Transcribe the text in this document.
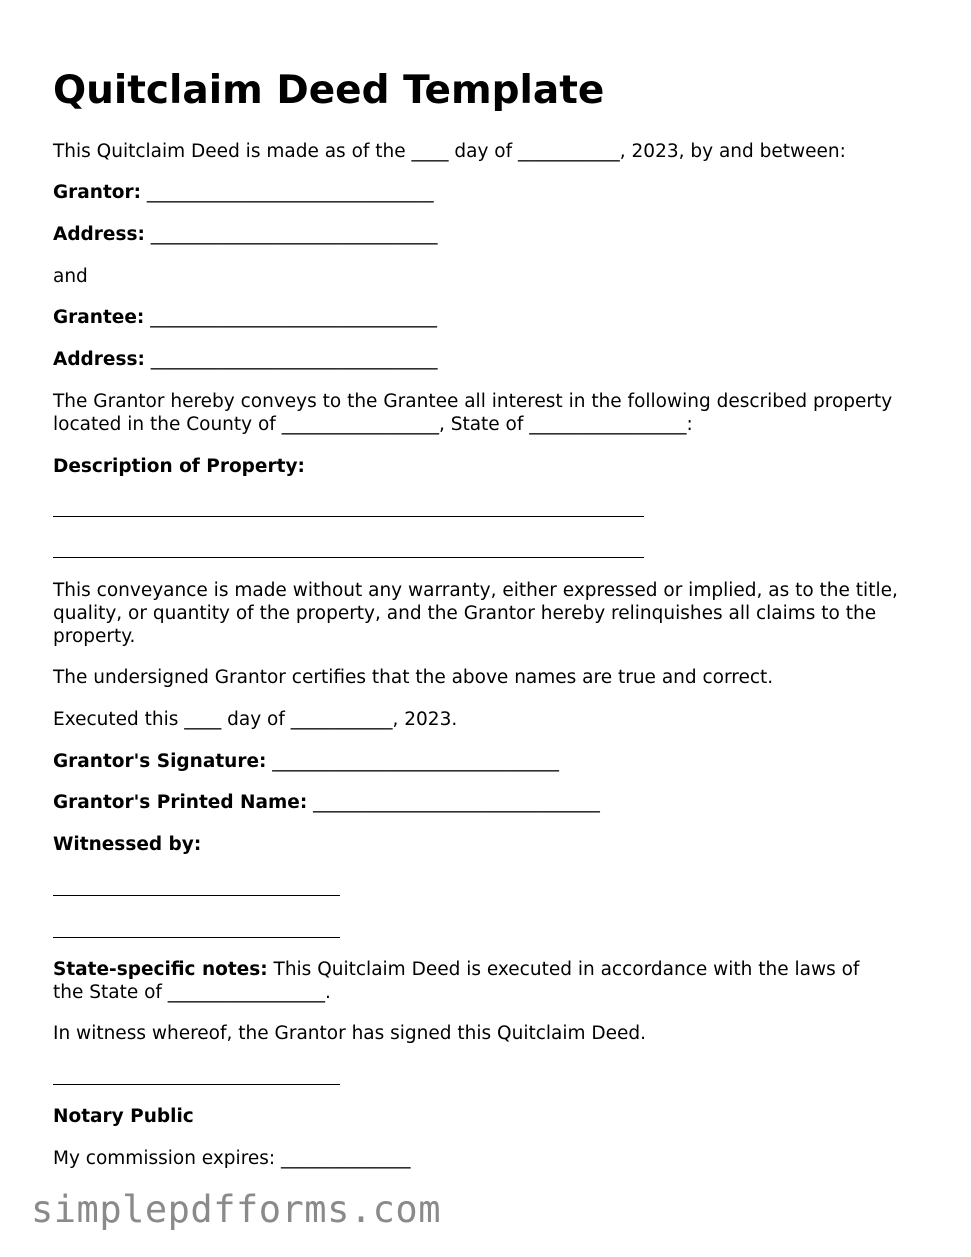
Quitclaim Deed Template

This Quitclaim Deed is made as of the ____ day of ___________, 2023, by and between:

Grantor: _______________________________

Address: _______________________________

and

Grantee: _______________________________

Address: _______________________________

The Grantor hereby conveys to the Grantee all interest in the following described property
located in the County of _________________, State of _________________:

Description of Property:

This conveyance is made without any warranty, either expressed or implied, as to the title,
quality, or quantity of the property, and the Grantor hereby relinquishes all claims to the
property.

The undersigned Grantor certifies that the above names are true and correct.

Executed this ____ day of ___________, 2023.

Grantor's Signature: _______________________________

Grantor's Printed Name: _______________________________

Witnessed by:

State-specific notes: This Quitclaim Deed is executed in accordance with the laws of
the State of _________________.

In witness whereof, the Grantor has signed this Quitclaim Deed.

Notary Public

My commission expires: ______________

simplepdfforms.com
